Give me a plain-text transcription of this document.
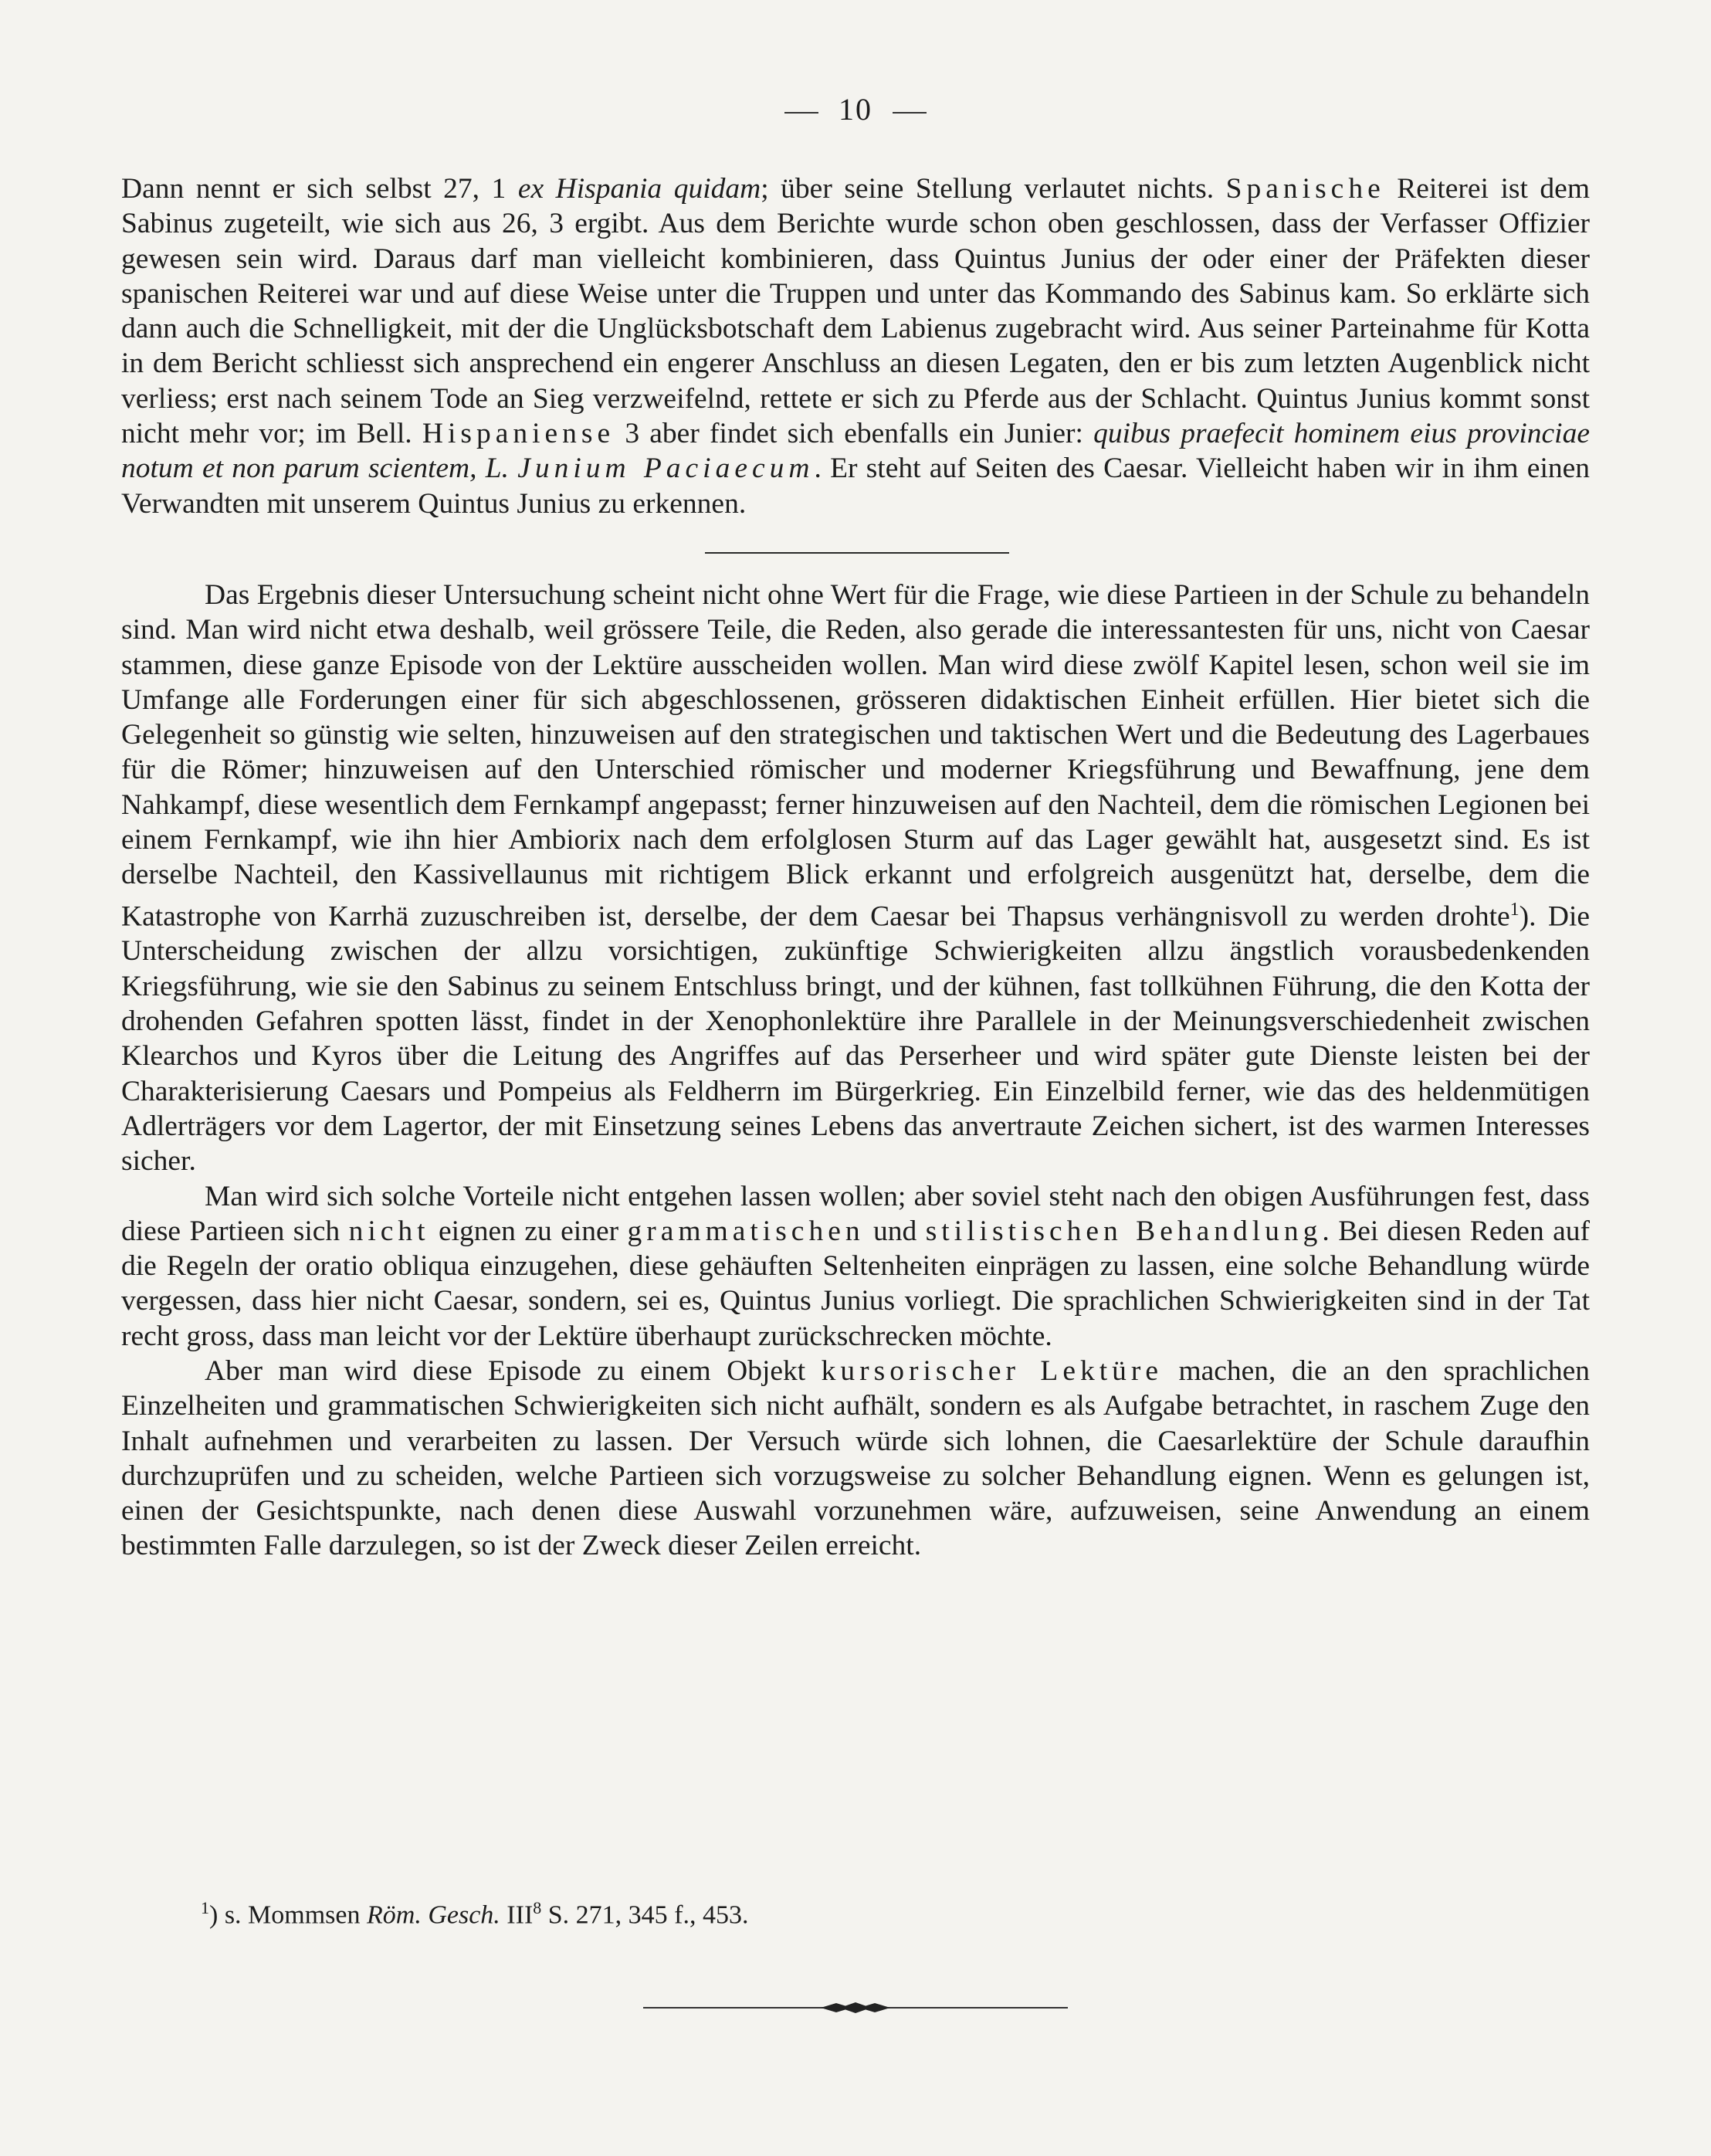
10

Dann nennt er sich selbst 27, 1 ex Hispania quidam; über seine Stellung verlautet nichts. Spanische Reiterei ist dem Sabinus zugeteilt, wie sich aus 26, 3 ergibt. Aus dem Berichte wurde schon oben geschlossen, dass der Verfasser Offizier gewesen sein wird. Daraus darf man vielleicht kombinieren, dass Quintus Junius der oder einer der Präfekten dieser spanischen Reiterei war und auf diese Weise unter die Truppen und unter das Kommando des Sabinus kam. So erklärte sich dann auch die Schnelligkeit, mit der die Unglücksbotschaft dem Labienus zugebracht wird. Aus seiner Parteinahme für Kotta in dem Bericht schliesst sich ansprechend ein engerer Anschluss an diesen Legaten, den er bis zum letzten Augenblick nicht verliess; erst nach seinem Tode an Sieg verzweifelnd, rettete er sich zu Pferde aus der Schlacht. Quintus Junius kommt sonst nicht mehr vor; im Bell. Hispaniense 3 aber findet sich ebenfalls ein Junier: quibus praefecit hominem eius provinciae notum et non parum scientem, L. Junium Paciaecum. Er steht auf Seiten des Caesar. Vielleicht haben wir in ihm einen Verwandten mit unserem Quintus Junius zu erkennen.

Das Ergebnis dieser Untersuchung scheint nicht ohne Wert für die Frage, wie diese Partieen in der Schule zu behandeln sind. Man wird nicht etwa deshalb, weil grössere Teile, die Reden, also gerade die interessantesten für uns, nicht von Caesar stammen, diese ganze Episode von der Lektüre ausscheiden wollen. Man wird diese zwölf Kapitel lesen, schon weil sie im Umfange alle Forderungen einer für sich abgeschlossenen, grösseren didaktischen Einheit erfüllen. Hier bietet sich die Gelegenheit so günstig wie selten, hinzuweisen auf den strategischen und taktischen Wert und die Bedeutung des Lagerbaues für die Römer; hinzuweisen auf den Unterschied römischer und moderner Kriegsführung und Bewaffnung, jene dem Nahkampf, diese wesentlich dem Fernkampf angepasst; ferner hinzuweisen auf den Nachteil, dem die römischen Legionen bei einem Fernkampf, wie ihn hier Ambiorix nach dem erfolglosen Sturm auf das Lager gewählt hat, ausgesetzt sind. Es ist derselbe Nachteil, den Kassivellaunus mit richtigem Blick erkannt und erfolgreich ausgenützt hat, derselbe, dem die Katastrophe von Karrhä zuzuschreiben ist, derselbe, der dem Caesar bei Thapsus verhängnisvoll zu werden drohte$^1$). Die Unterscheidung zwischen der allzu vorsichtigen, zukünftige Schwierigkeiten allzu ängstlich vorausbedenkenden Kriegsführung, wie sie den Sabinus zu seinem Entschluss bringt, und der kühnen, fast tollkühnen Führung, die den Kotta der drohenden Gefahren spotten lässt, findet in der Xenophonlektüre ihre Parallele in der Meinungsverschiedenheit zwischen Klearchos und Kyros über die Leitung des Angriffes auf das Perserheer und wird später gute Dienste leisten bei der Charakterisierung Caesars und Pompeius als Feldherrn im Bürgerkrieg. Ein Einzelbild ferner, wie das des heldenmütigen Adlerträgers vor dem Lagertor, der mit Einsetzung seines Lebens das anvertraute Zeichen sichert, ist des warmen Interesses sicher.

Man wird sich solche Vorteile nicht entgehen lassen wollen; aber soviel steht nach den obigen Ausführungen fest, dass diese Partieen sich nicht eignen zu einer grammatischen und stilistischen Behandlung. Bei diesen Reden auf die Regeln der oratio obliqua einzugehen, diese gehäuften Seltenheiten einprägen zu lassen, eine solche Behandlung würde vergessen, dass hier nicht Caesar, sondern, sei es, Quintus Junius vorliegt. Die sprachlichen Schwierigkeiten sind in der Tat recht gross, dass man leicht vor der Lektüre überhaupt zurückschrecken möchte.

Aber man wird diese Episode zu einem Objekt kursorischer Lektüre machen, die an den sprachlichen Einzelheiten und grammatischen Schwierigkeiten sich nicht aufhält, sondern es als Aufgabe betrachtet, in raschem Zuge den Inhalt aufnehmen und verarbeiten zu lassen. Der Versuch würde sich lohnen, die Caesarlektüre der Schule daraufhin durchzuprüfen und zu scheiden, welche Partieen sich vorzugsweise zu solcher Behandlung eignen. Wenn es gelungen ist, einen der Gesichtspunkte, nach denen diese Auswahl vorzunehmen wäre, aufzuweisen, seine Anwendung an einem bestimmten Falle darzulegen, so ist der Zweck dieser Zeilen erreicht.

$^1$) s. Mommsen Röm. Gesch. III$^8$ S. 271, 345 f., 453.
